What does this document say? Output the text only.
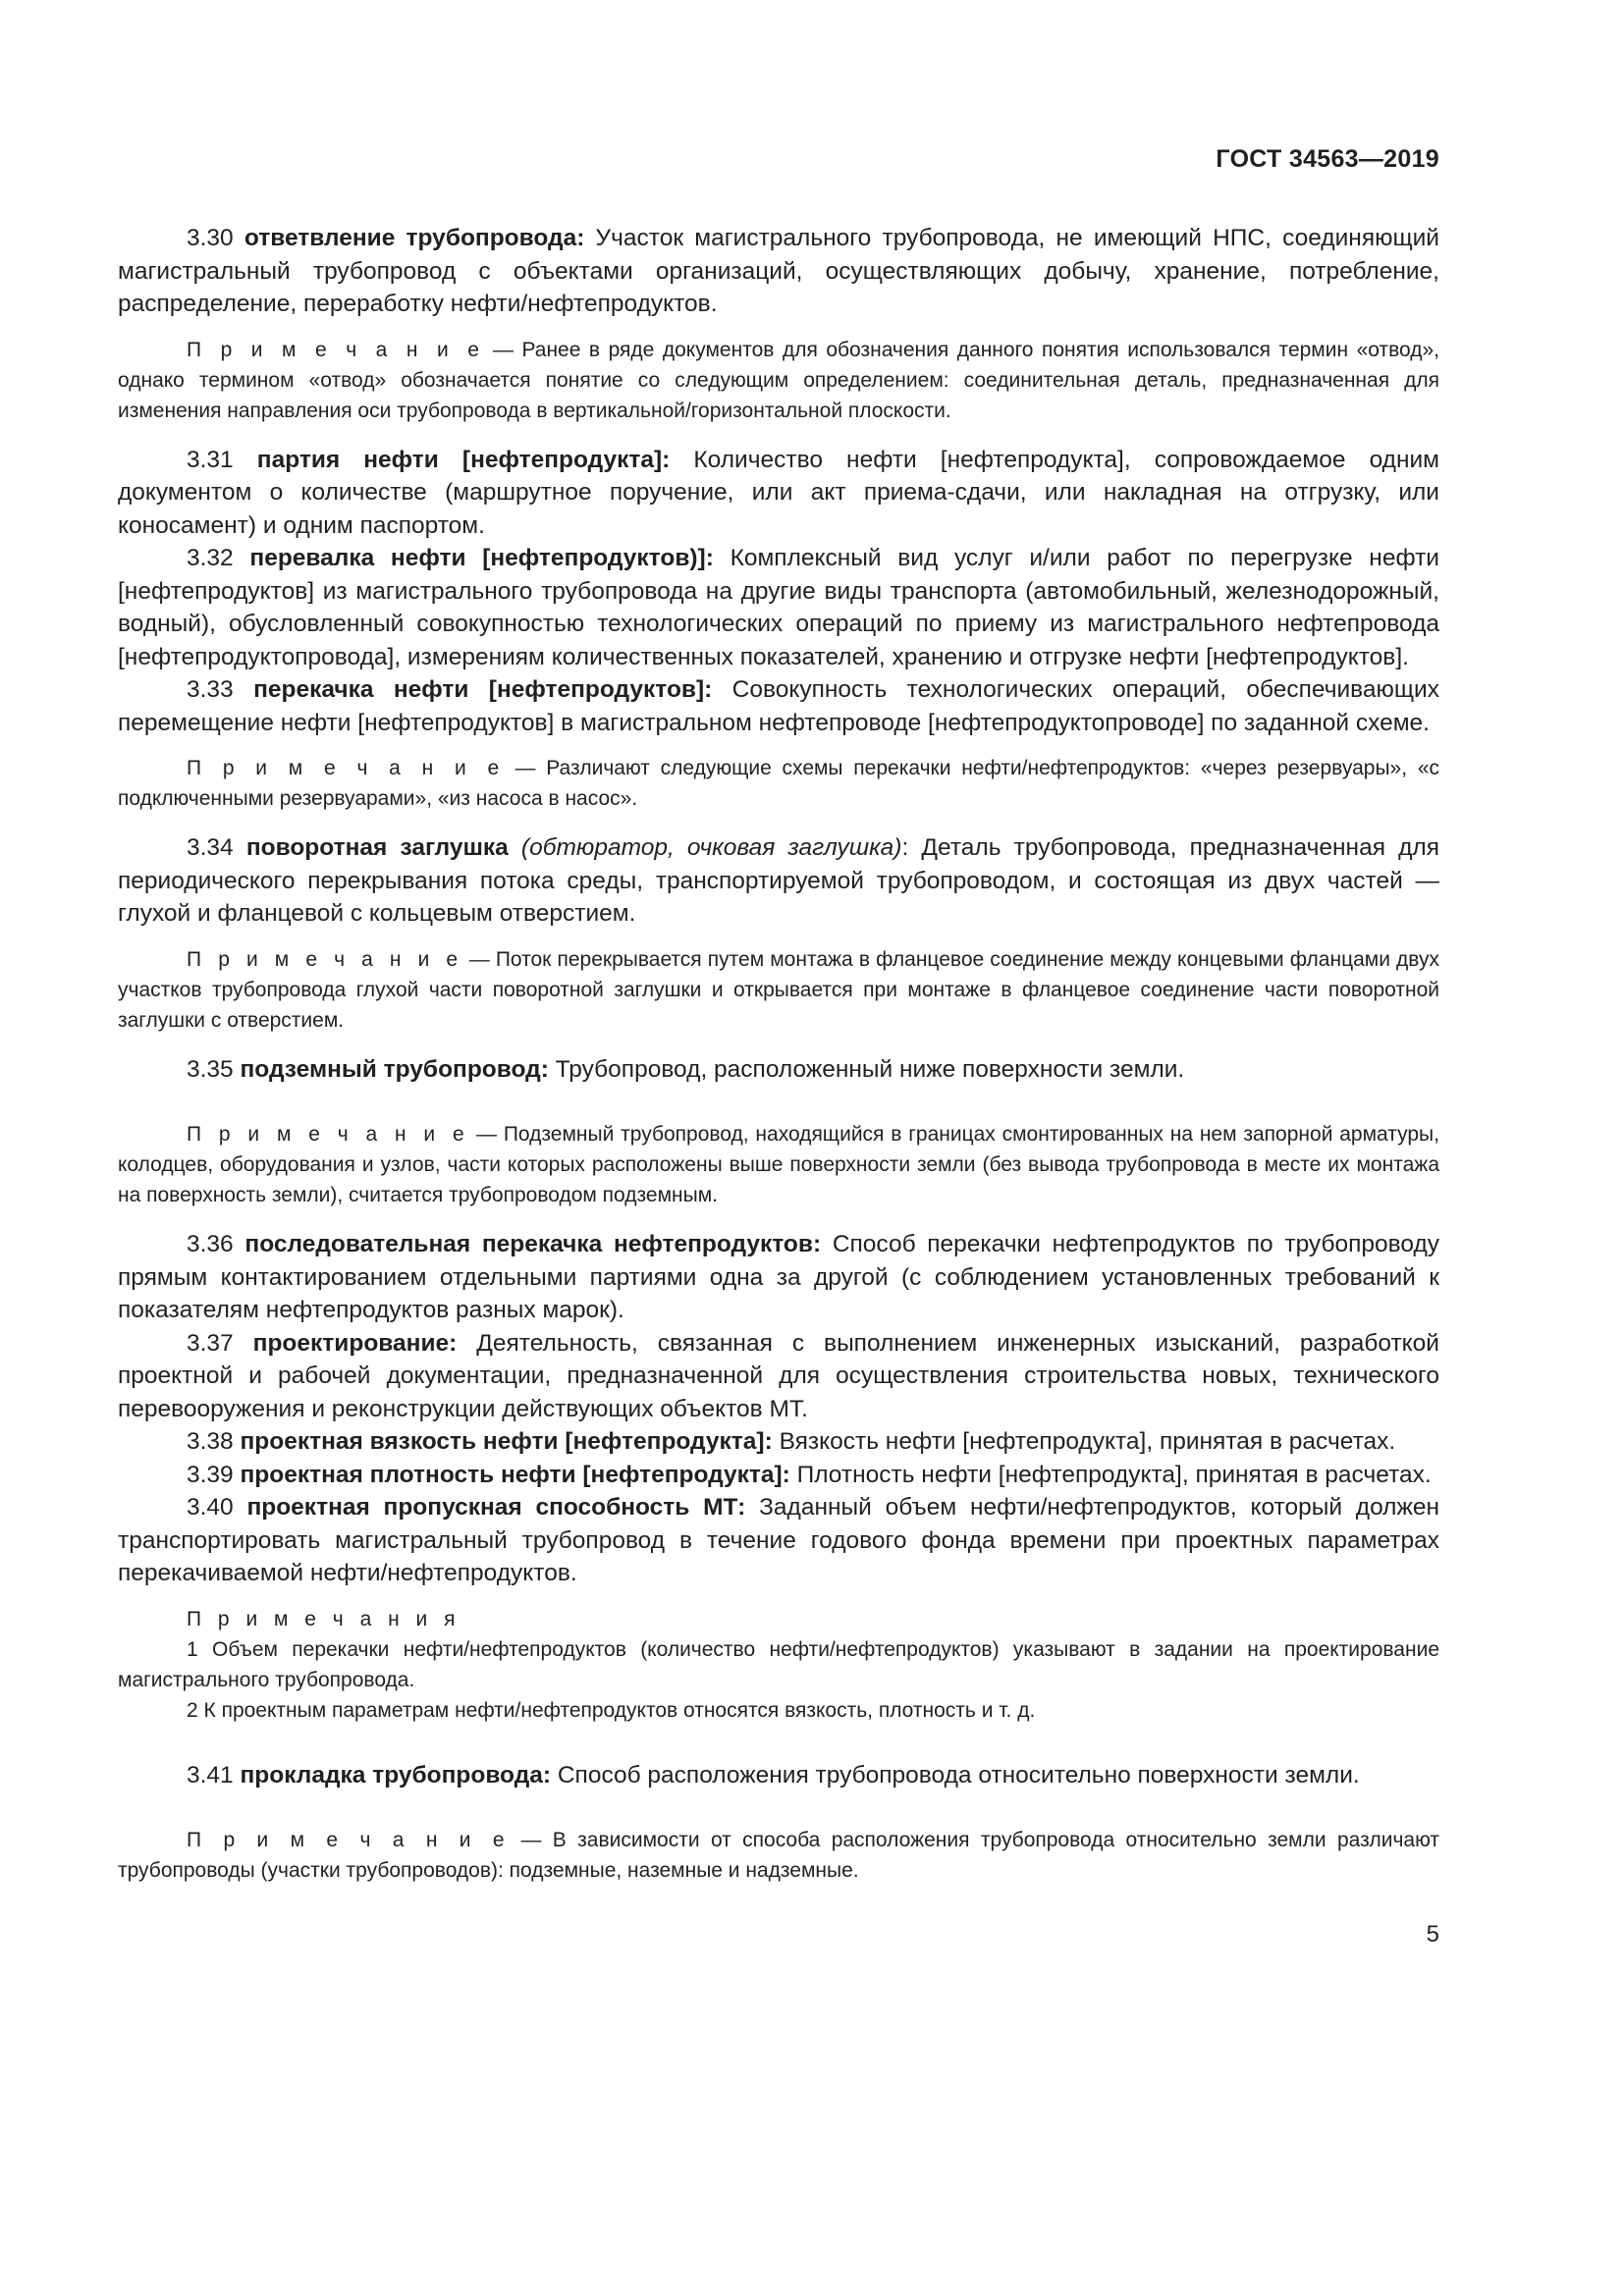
ГОСТ 34563—2019

3.30 ответвление трубопровода: Участок магистрального трубопровода, не имеющий НПС, соединяющий магистральный трубопровод с объектами организаций, осуществляющих добычу, хранение, потребление, распределение, переработку нефти/нефтепродуктов.

П р и м е ч а н и е — Ранее в ряде документов для обозначения данного понятия использовался термин «отвод», однако термином «отвод» обозначается понятие со следующим определением: соединительная деталь, предназначенная для изменения направления оси трубопровода в вертикальной/горизонтальной плоскости.

3.31 партия нефти [нефтепродукта]: Количество нефти [нефтепродукта], сопровождаемое одним документом о количестве (маршрутное поручение, или акт приема-сдачи, или накладная на отгрузку, или коносамент) и одним паспортом.

3.32 перевалка нефти [нефтепродуктов)]: Комплексный вид услуг и/или работ по перегрузке нефти [нефтепродуктов] из магистрального трубопровода на другие виды транспорта (автомобильный, железнодорожный, водный), обусловленный совокупностью технологических операций по приему из магистрального нефтепровода [нефтепродуктопровода], измерениям количественных показателей, хранению и отгрузке нефти [нефтепродуктов].

3.33 перекачка нефти [нефтепродуктов]: Совокупность технологических операций, обеспечивающих перемещение нефти [нефтепродуктов] в магистральном нефтепроводе [нефтепродуктопроводе] по заданной схеме.

П р и м е ч а н и е — Различают следующие схемы перекачки нефти/нефтепродуктов: «через резервуары», «с подключенными резервуарами», «из насоса в насос».

3.34 поворотная заглушка (обтюратор, очковая заглушка): Деталь трубопровода, предназначенная для периодического перекрывания потока среды, транспортируемой трубопроводом, и состоящая из двух частей — глухой и фланцевой с кольцевым отверстием.

П р и м е ч а н и е — Поток перекрывается путем монтажа в фланцевое соединение между концевыми фланцами двух участков трубопровода глухой части поворотной заглушки и открывается при монтаже в фланцевое соединение части поворотной заглушки с отверстием.

3.35 подземный трубопровод: Трубопровод, расположенный ниже поверхности земли.

П р и м е ч а н и е — Подземный трубопровод, находящийся в границах смонтированных на нем запорной арматуры, колодцев, оборудования и узлов, части которых расположены выше поверхности земли (без вывода трубопровода в месте их монтажа на поверхность земли), считается трубопроводом подземным.

3.36 последовательная перекачка нефтепродуктов: Способ перекачки нефтепродуктов по трубопроводу прямым контактированием отдельными партиями одна за другой (с соблюдением установленных требований к показателям нефтепродуктов разных марок).

3.37 проектирование: Деятельность, связанная с выполнением инженерных изысканий, разработкой проектной и рабочей документации, предназначенной для осуществления строительства новых, технического перевооружения и реконструкции действующих объектов МТ.

3.38 проектная вязкость нефти [нефтепродукта]: Вязкость нефти [нефтепродукта], принятая в расчетах.

3.39 проектная плотность нефти [нефтепродукта]: Плотность нефти [нефтепродукта], принятая в расчетах.

3.40 проектная пропускная способность МТ: Заданный объем нефти/нефтепродуктов, который должен транспортировать магистральный трубопровод в течение годового фонда времени при проектных параметрах перекачиваемой нефти/нефтепродуктов.

П р и м е ч а н и я

1 Объем перекачки нефти/нефтепродуктов (количество нефти/нефтепродуктов) указывают в задании на проектирование магистрального трубопровода.

2 К проектным параметрам нефти/нефтепродуктов относятся вязкость, плотность и т. д.

3.41 прокладка трубопровода: Способ расположения трубопровода относительно поверхности земли.

П р и м е ч а н и е — В зависимости от способа расположения трубопровода относительно земли различают трубопроводы (участки трубопроводов): подземные, наземные и надземные.

5
